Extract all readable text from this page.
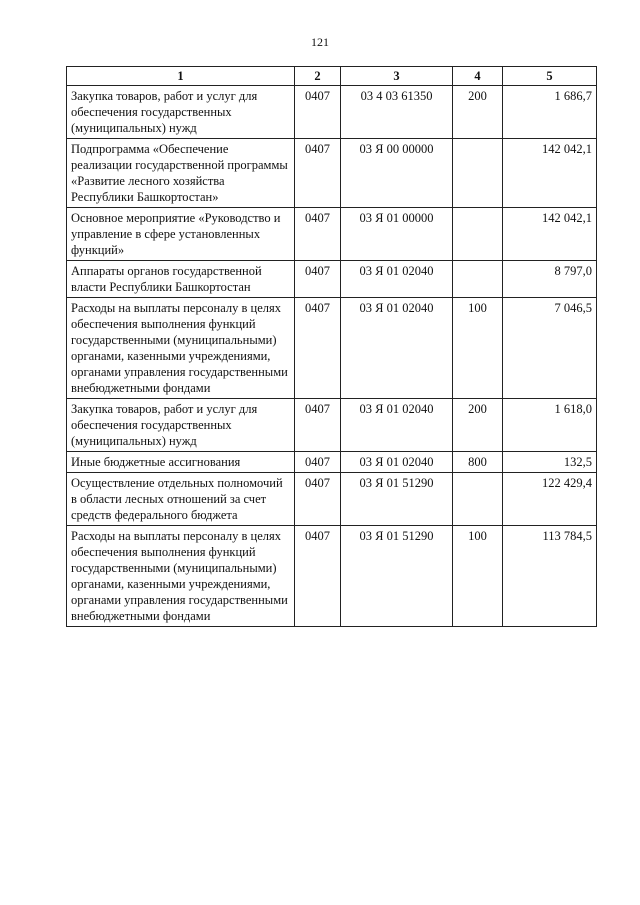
121
1	2	3	4	5
Закупка товаров, работ и услуг для обеспечения государственных (муниципальных) нужд	0407	03 4 03 61350	200	1 686,7
Подпрограмма «Обеспечение реализации государственной программы «Развитие лесного хозяйства Республики Башкортостан»	0407	03 Я 00 00000		142 042,1
Основное мероприятие «Руководство и управление в сфере установленных функций»	0407	03 Я 01 00000		142 042,1
Аппараты органов государственной власти Республики Башкортостан	0407	03 Я 01 02040		8 797,0
Расходы на выплаты персоналу в целях обеспечения выполнения функций государственными (муниципальными) органами, казенными учреждениями, органами управления государственными внебюджетными фондами	0407	03 Я 01 02040	100	7 046,5
Закупка товаров, работ и услуг для обеспечения государственных (муниципальных) нужд	0407	03 Я 01 02040	200	1 618,0
Иные бюджетные ассигнования	0407	03 Я 01 02040	800	132,5
Осуществление отдельных полномочий в области лесных отношений за счет средств федерального бюджета	0407	03 Я 01 51290		122 429,4
Расходы на выплаты персоналу в целях обеспечения выполнения функций государственными (муниципальными) органами, казенными учреждениями, органами управления государственными внебюджетными фондами	0407	03 Я 01 51290	100	113 784,5
